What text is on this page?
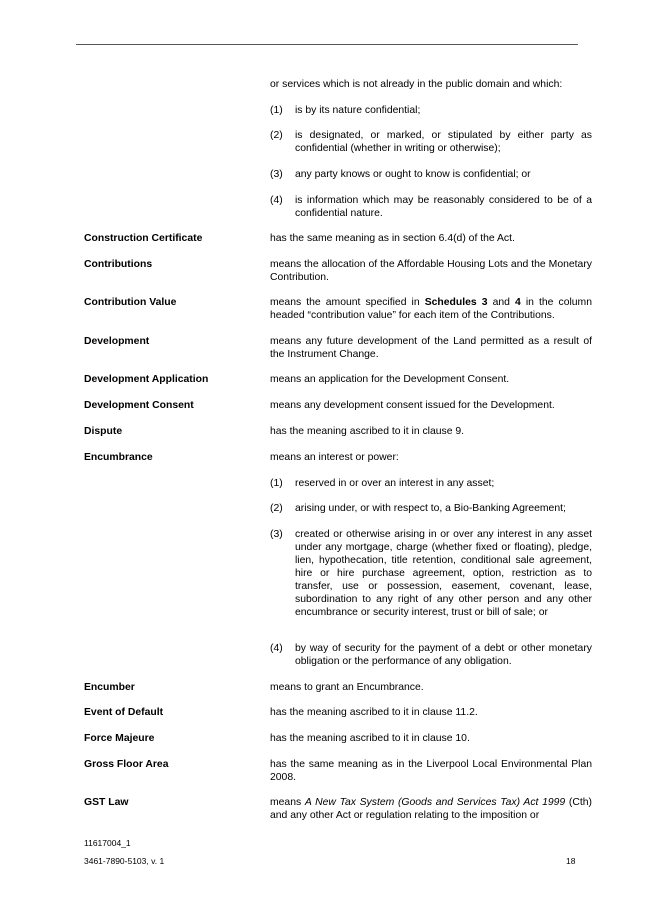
or services which is not already in the public domain and which:
(1)	is by its nature confidential;
(2)	is designated, or marked, or stipulated by either party as confidential (whether in writing or otherwise);
(3)	any party knows or ought to know is confidential; or
(4)	is information which may be reasonably considered to be of a confidential nature.
Construction Certificate	has the same meaning as in section 6.4(d) of the Act.
Contributions	means the allocation of the Affordable Housing Lots and the Monetary Contribution.
Contribution Value	means the amount specified in Schedules 3 and 4 in the column headed “contribution value” for each item of the Contributions.
Development	means any future development of the Land permitted as a result of the Instrument Change.
Development Application	means an application for the Development Consent.
Development Consent	means any development consent issued for the Development.
Dispute	has the meaning ascribed to it in clause 9.
Encumbrance	means an interest or power:
(1)	reserved in or over an interest in any asset;
(2)	arising under, or with respect to, a Bio-Banking Agreement;
(3)	created or otherwise arising in or over any interest in any asset under any mortgage, charge (whether fixed or floating), pledge, lien, hypothecation, title retention, conditional sale agreement, hire or hire purchase agreement, option, restriction as to transfer, use or possession, easement, covenant, lease, subordination to any right of any other person and any other encumbrance or security interest, trust or bill of sale; or
(4)	by way of security for the payment of a debt or other monetary obligation or the performance of any obligation.
Encumber	means to grant an Encumbrance.
Event of Default	has the meaning ascribed to it in clause 11.2.
Force Majeure	has the meaning ascribed to it in clause 10.
Gross Floor Area	has the same meaning as in the Liverpool Local Environmental Plan 2008.
GST Law	means A New Tax System (Goods and Services Tax) Act 1999 (Cth) and any other Act or regulation relating to the imposition or
11617004_1
3461-7890-5103, v. 1	18
